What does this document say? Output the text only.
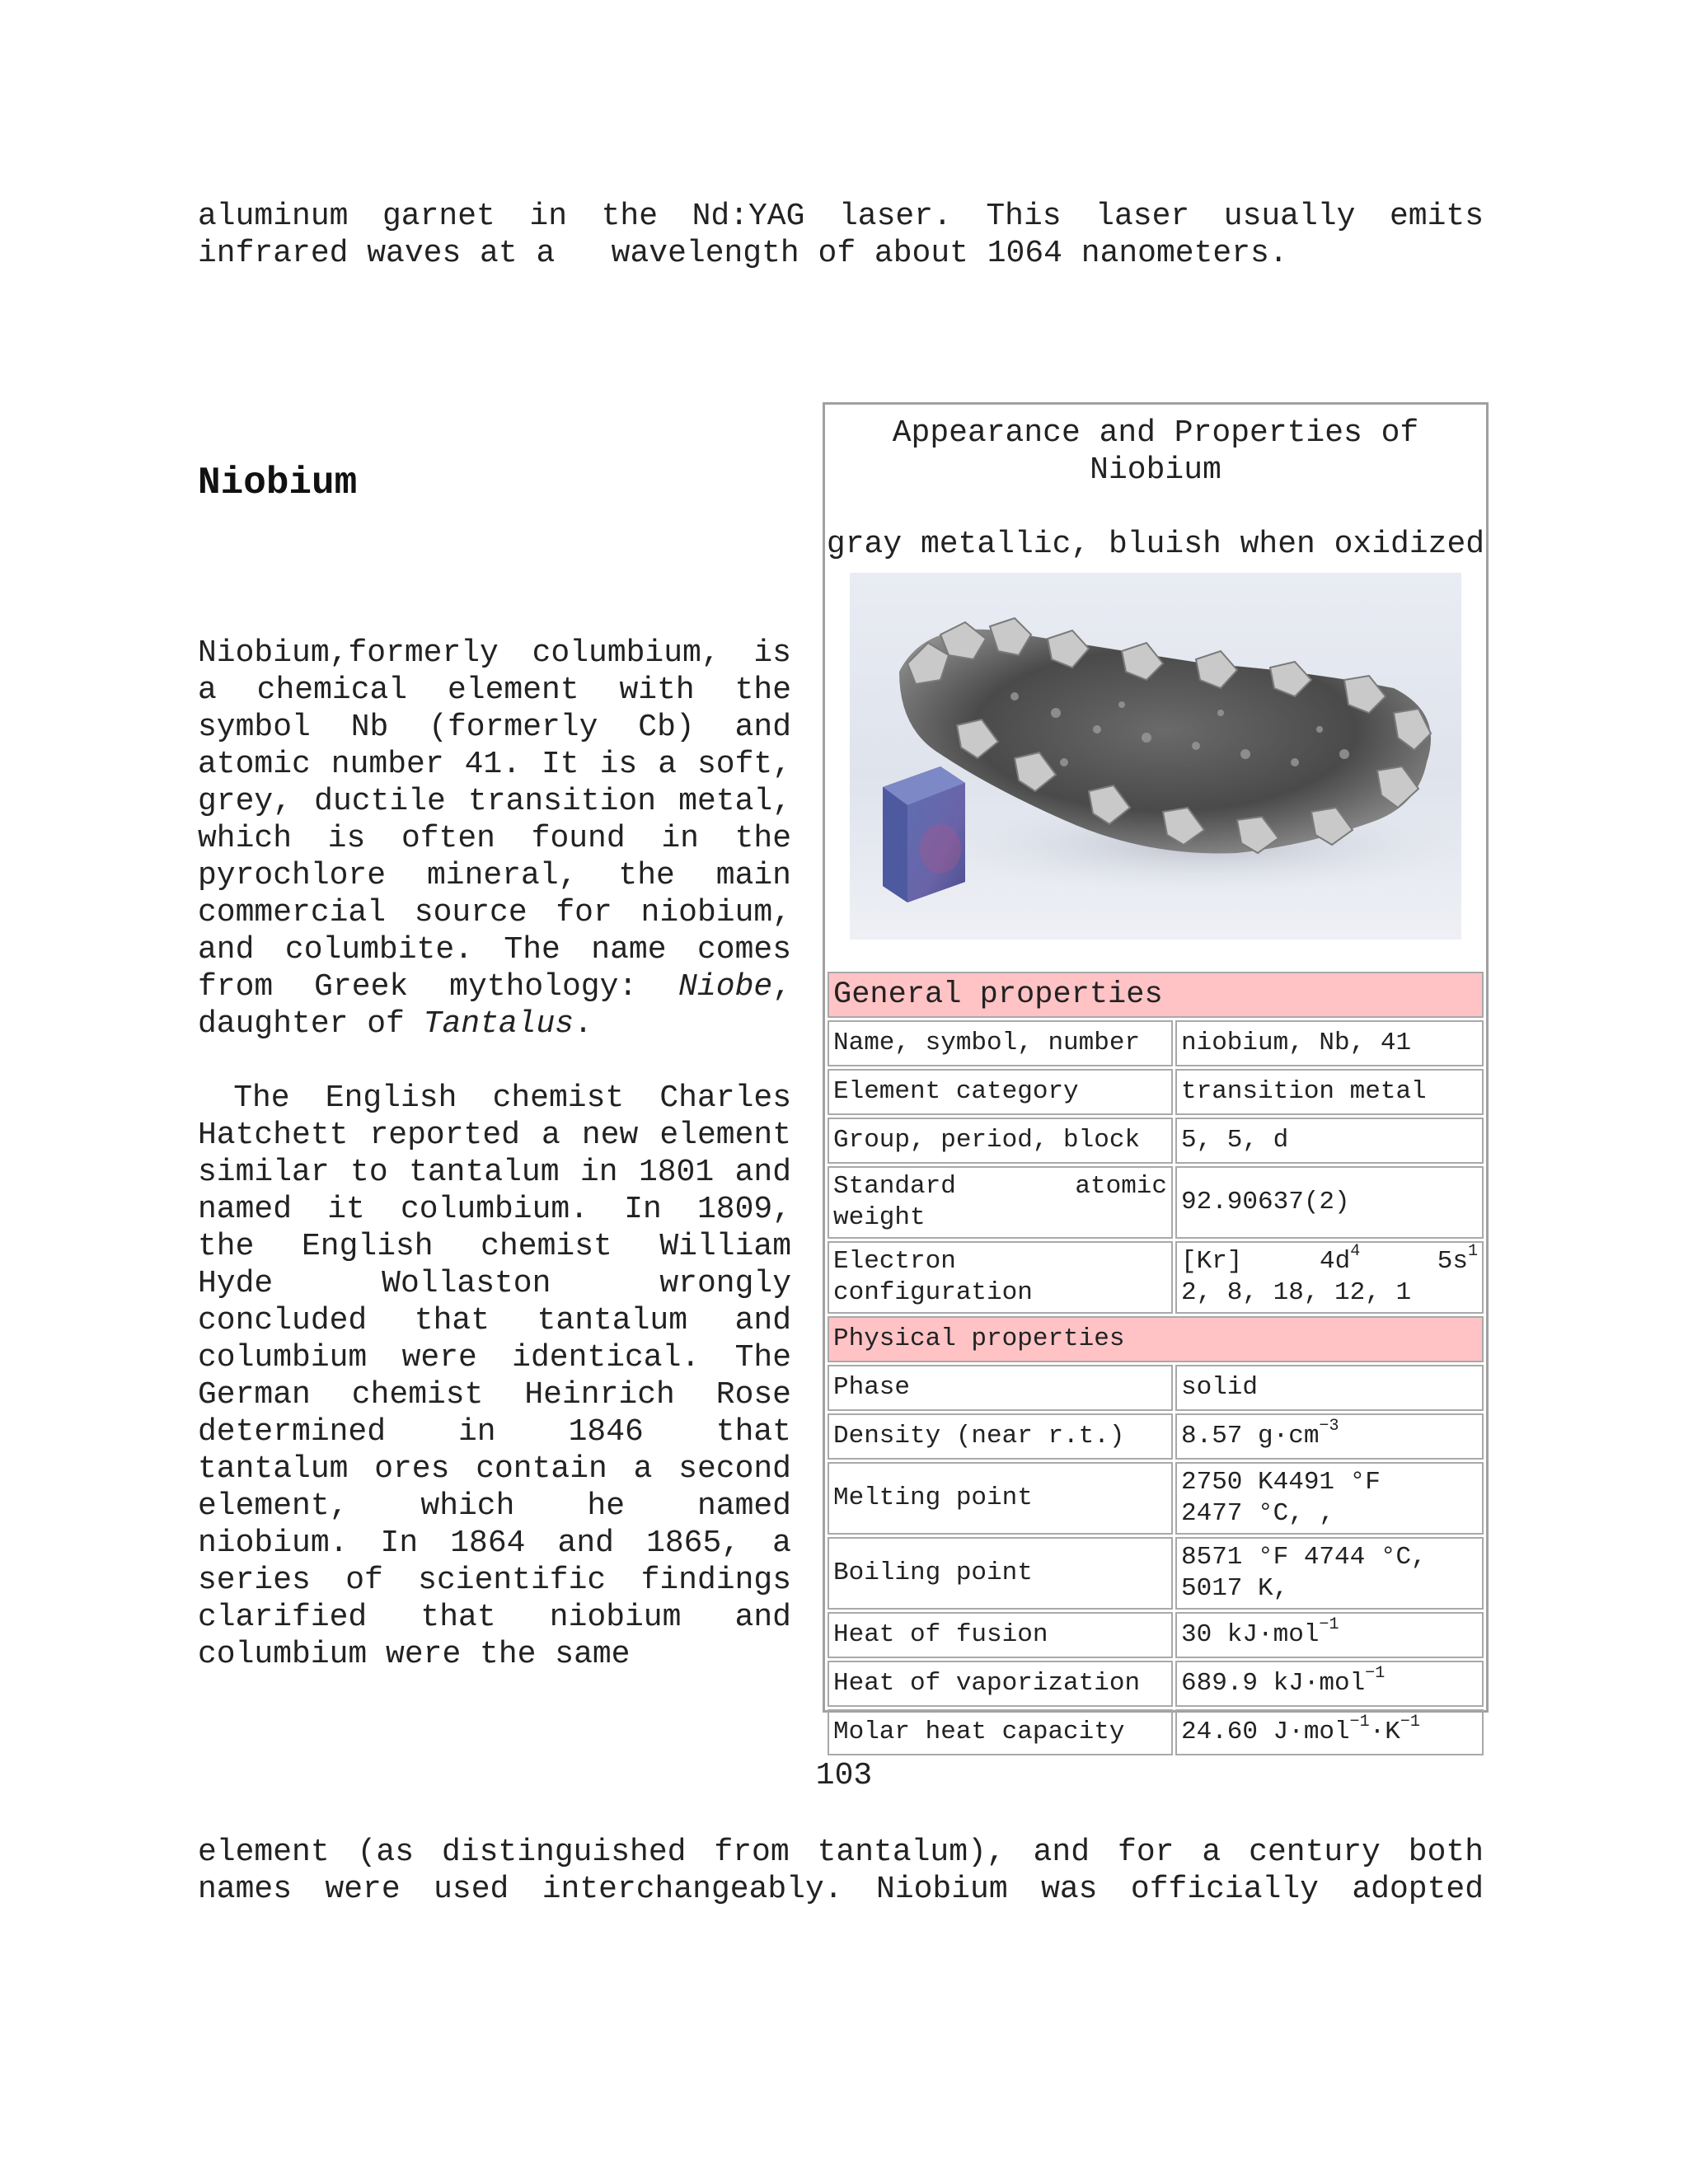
aluminum garnet in the Nd:YAG laser. This laser usually emits
infrared waves at a   wavelength of about 1064 nanometers.
Niobium

Niobium,formerly columbium, is a chemical element with the symbol Nb (formerly Cb) and atomic number 41. It is a soft, grey, ductile transition metal, which is often found in the pyrochlore mineral, the main commercial source for niobium, and columbite. The name comes from Greek mythology: Niobe, daughter of Tantalus.

The English chemist Charles Hatchett reported a new element similar to tantalum in 1801 and named it columbium. In 1809, the English chemist William Hyde Wollaston wrongly concluded that tantalum and columbium were identical. The German chemist Heinrich Rose determined in 1846 that tantalum ores contain a second element, which he named niobium. In 1864 and 1865, a series of scientific findings clarified that niobium and columbium were the same

Appearance and Properties of Niobium
gray metallic, bluish when oxidized
General properties	
Name, symbol, number	niobium, Nb, 41
Element category	transition metal
Group, period, block	5, 5, d
Standard atomic weight	92.90637(2)
Electron configuration	[Kr] $4d^4$ $5s^1$
2, 8, 18, 12, 1

Physical properties	
Phase	solid
Density (near r.t.)	8.57 $g\cdot cm^{-3}$
Melting point	2750 K4491 °F
2477 °C, ,

Boiling point	8571 °F 4744 °C,
5017 K,

Heat of fusion	30 kJ·mol$^{-1}$
Heat of vaporization	689.9 kJ·mol$^{-1}$
Molar heat capacity	24.60 $J\cdot mol^{-1}\cdot K^{-1}$
103

element (as distinguished from tantalum), and for a century both names were used interchangeably. Niobium was officially adopted
